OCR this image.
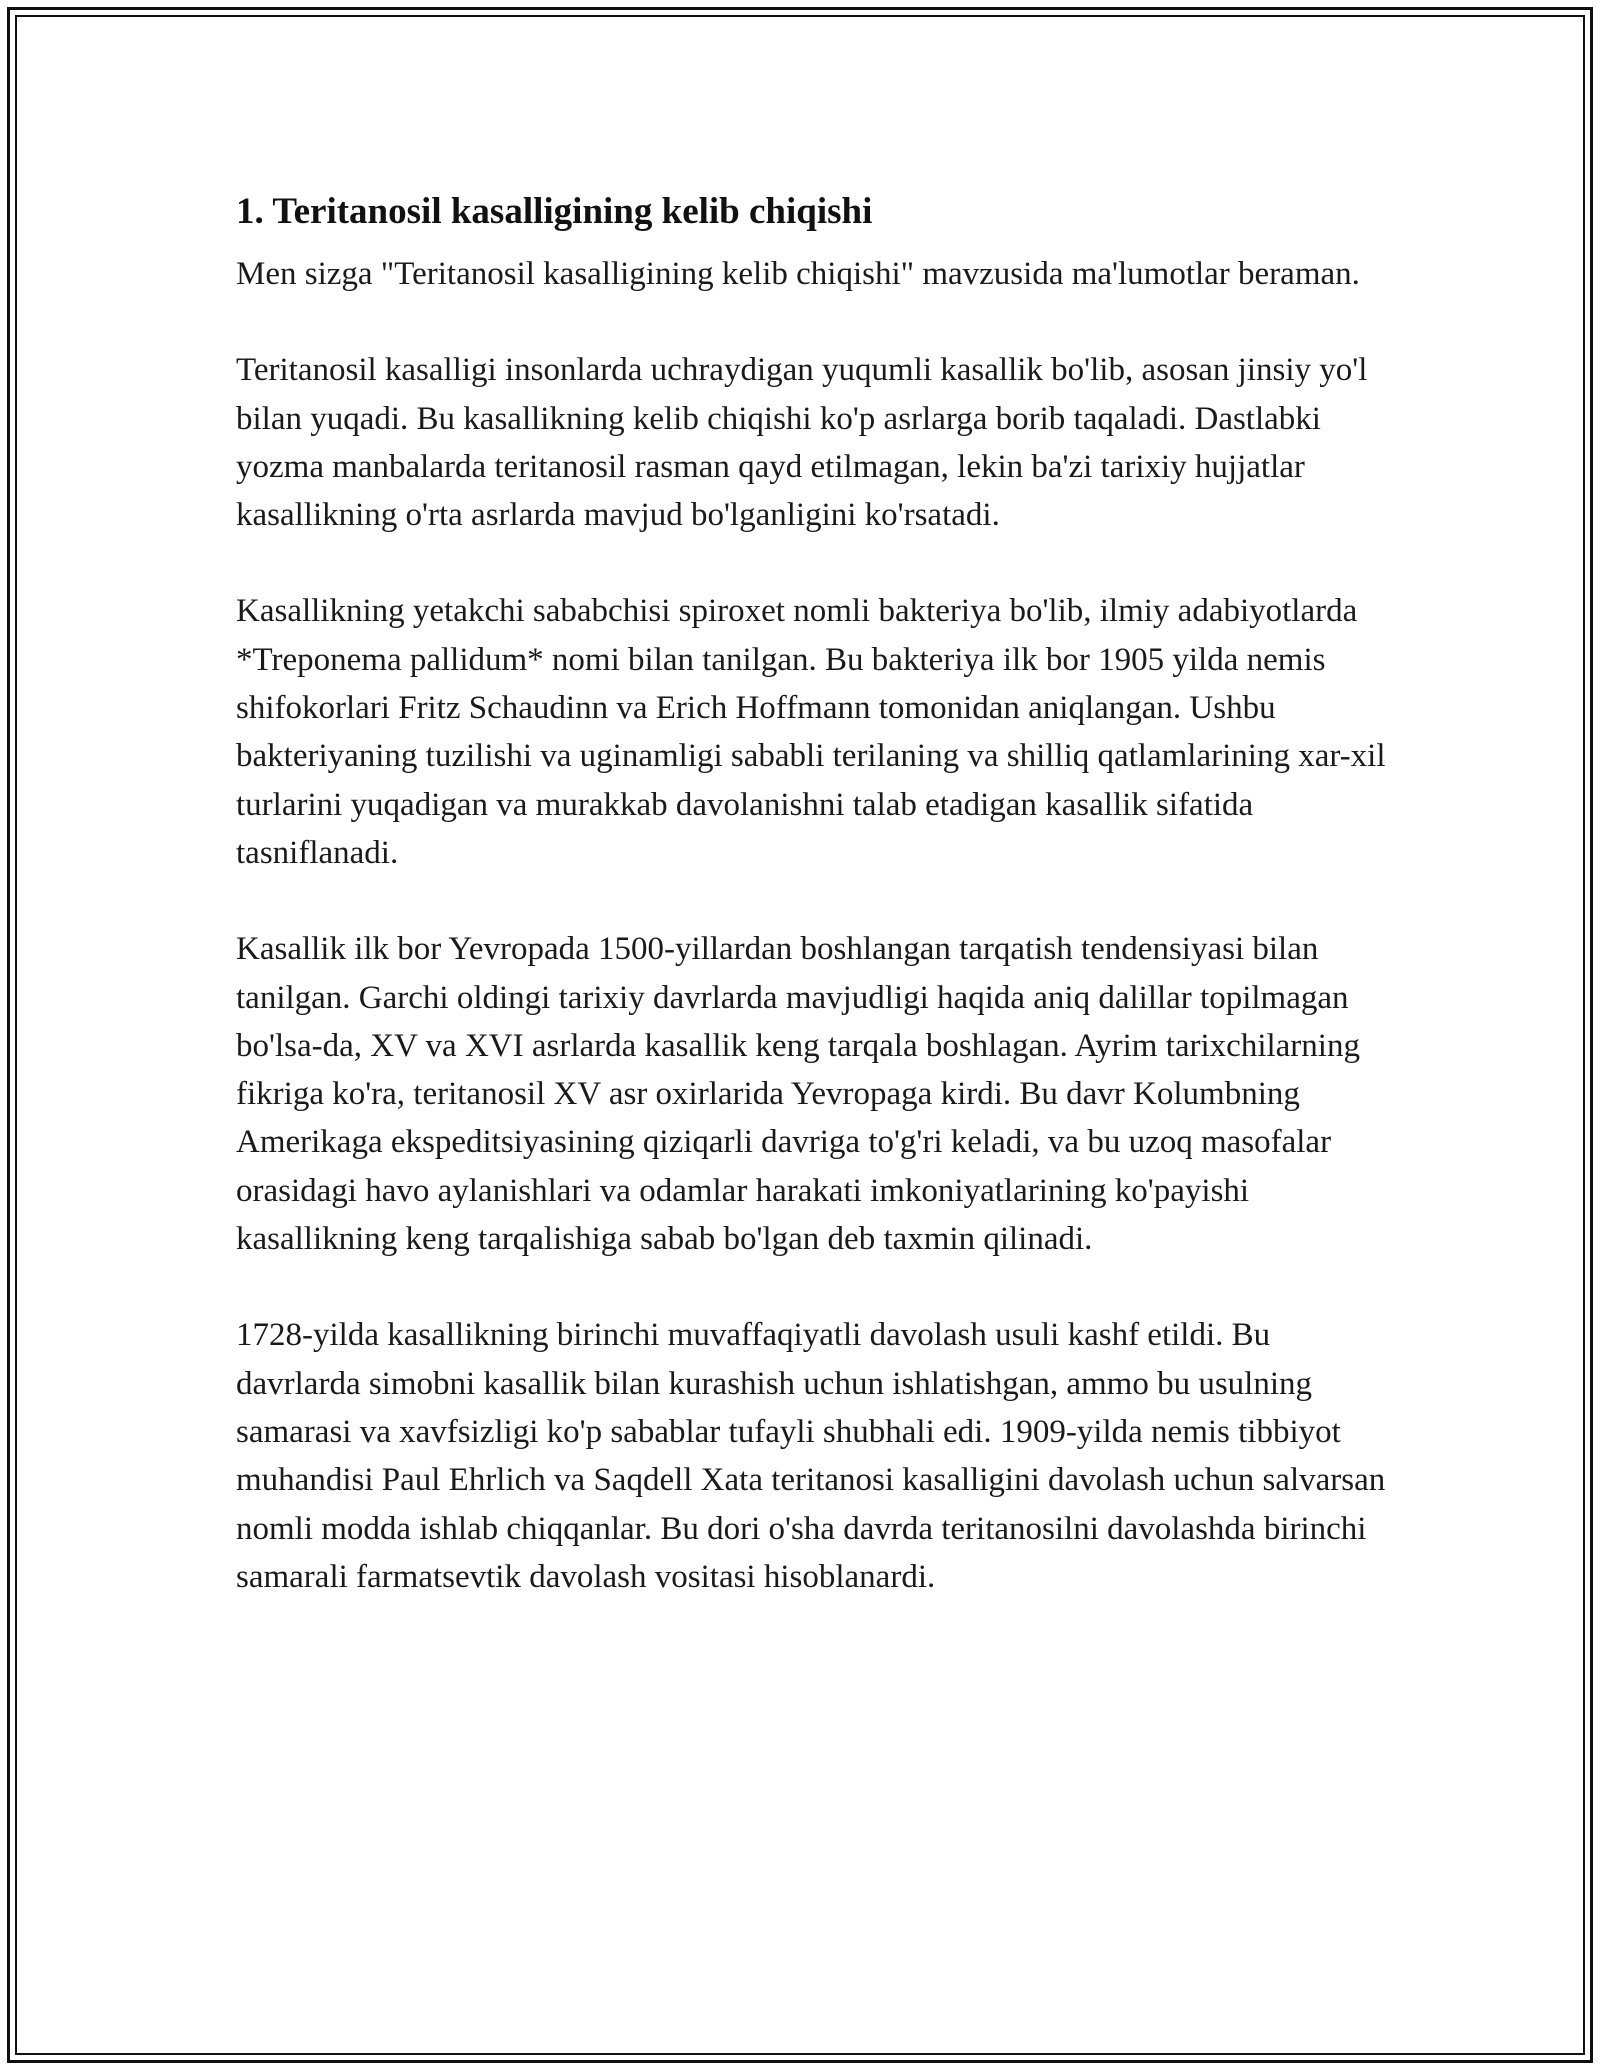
1. Teritanosil kasalligining kelib chiqishi

Men sizga "Teritanosil kasalligining kelib chiqishi" mavzusida ma'lumotlar beraman.

Teritanosil kasalligi insonlarda uchraydigan yuqumli kasallik bo'lib, asosan jinsiy yo'l bilan yuqadi. Bu kasallikning kelib chiqishi ko'p asrlarga borib taqaladi. Dastlabki yozma manbalarda teritanosil rasman qayd etilmagan, lekin ba'zi tarixiy hujjatlar kasallikning o'rta asrlarda mavjud bo'lganligini ko'rsatadi.

Kasallikning yetakchi sababchisi spiroxet nomli bakteriya bo'lib, ilmiy adabiyotlarda *Treponema pallidum* nomi bilan tanilgan. Bu bakteriya ilk bor 1905 yilda nemis shifokorlari Fritz Schaudinn va Erich Hoffmann tomonidan aniqlangan. Ushbu bakteriyaning tuzilishi va uginamligi sababli terilaning va shilliq qatlamlarining xar-xil turlarini yuqadigan va murakkab davolanishni talab etadigan kasallik sifatida tasniflanadi.

Kasallik ilk bor Yevropada 1500-yillardan boshlangan tarqatish tendensiyasi bilan tanilgan. Garchi oldingi tarixiy davrlarda mavjudligi haqida aniq dalillar topilmagan bo'lsa-da, XV va XVI asrlarda kasallik keng tarqala boshlagan. Ayrim tarixchilarning fikriga ko'ra, teritanosil XV asr oxirlarida Yevropaga kirdi. Bu davr Kolumbning Amerikaga ekspeditsiyasining qiziqarli davriga to'g'ri keladi, va bu uzoq masofalar orasidagi havo aylanishlari va odamlar harakati imkoniyatlarining ko'payishi kasallikning keng tarqalishiga sabab bo'lgan deb taxmin qilinadi.

1728-yilda kasallikning birinchi muvaffaqiyatli davolash usuli kashf etildi. Bu davrlarda simobni kasallik bilan kurashish uchun ishlatishgan, ammo bu usulning samarasi va xavfsizligi ko'p sabablar tufayli shubhali edi. 1909-yilda nemis tibbiyot muhandisi Paul Ehrlich va Saqdell Xata teritanosi kasalligini davolash uchun salvarsan nomli modda ishlab chiqqanlar. Bu dori o'sha davrda teritanosilni davolashda birinchi samarali farmatsevtik davolash vositasi hisoblanardi.
